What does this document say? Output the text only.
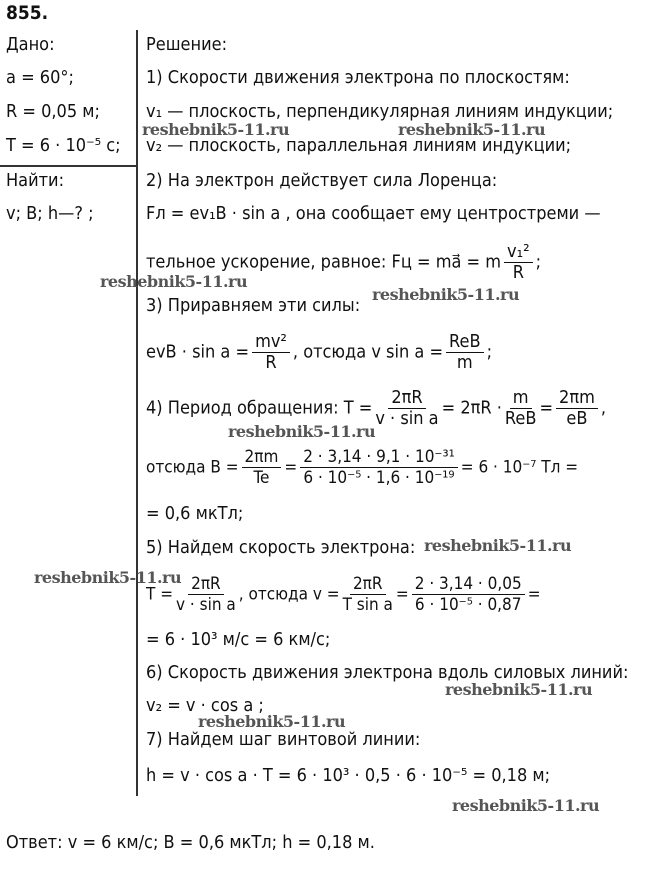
855.
Дано:
a = 60°;
R = 0,05 м;
T = 6 · 10⁻⁵ с;
Найти:
v; B; h—? ;
Решение:
1) Скорости движения электрона по плоскостям:
v₁ — плоскость, перпендикулярная линиям индукции;
v₂ — плоскость, параллельная линиям индукции;
2) На электрон действует сила Лоренца:
Fл = ev₁B · sin a , она сообщает ему центростреми —
тельное ускорение, равное: Fц = ma⃗ = m $\frac{\text{v₁²}}{R}$ ;
3) Приравняем эти силы:
evB · $\sin a = \frac{\text{mv²}}{R}$ , отсюда v sin a = ReB
m ;
4) Период обращения: $T = \frac{2\pi R}{\text{v · sin a}} = 2\pi R \cdot m$
ReB = $\frac{2\pi m}{eB}$ ,
отсюда $B = \frac{2\pi m}{Te} = \frac{\text{2 · 3,14 · 9,1 · 10⁻³¹}}{\text{6 · 10⁻⁵ · 1,6 · 10⁻¹⁹}} = 6 \cdot 10^{-7}$ Тл =
= 0,6 мкТл;
5) Найдем скорость электрона:
$T = \frac{2\pi R}{\text{v · sin a}}$ , отсюда $v = \frac{2\pi R}{\text{T sin a}} = \frac{2 \cdot 3,14 \cdot 0,05}{\text{6 · 10⁻⁵ · 0,87}}$ =
= 6 · 10³ м/с = 6 км/с;
6) Скорость движения электрона вдоль силовых линий:
v₂ = v · cos a ;
7) Найдем шаг винтовой линии:
h = v · cos a · T = 6 · 10³ · 0,5 · 6 · 10⁻⁵ = 0,18 м;
Ответ: v = 6 км/с; B = 0,6 мкТл; h = 0,18 м.
reshebnik5-11.ru	reshebnik5-11.ru
reshebnik5-11.ru
reshebnik5-11.ru
reshebnik5-11.ru
reshebnik5-11.ru
reshebnik5-11.ru
reshebnik5-11.ru
reshebnik5-11.ru
reshebnik5-11.ru
